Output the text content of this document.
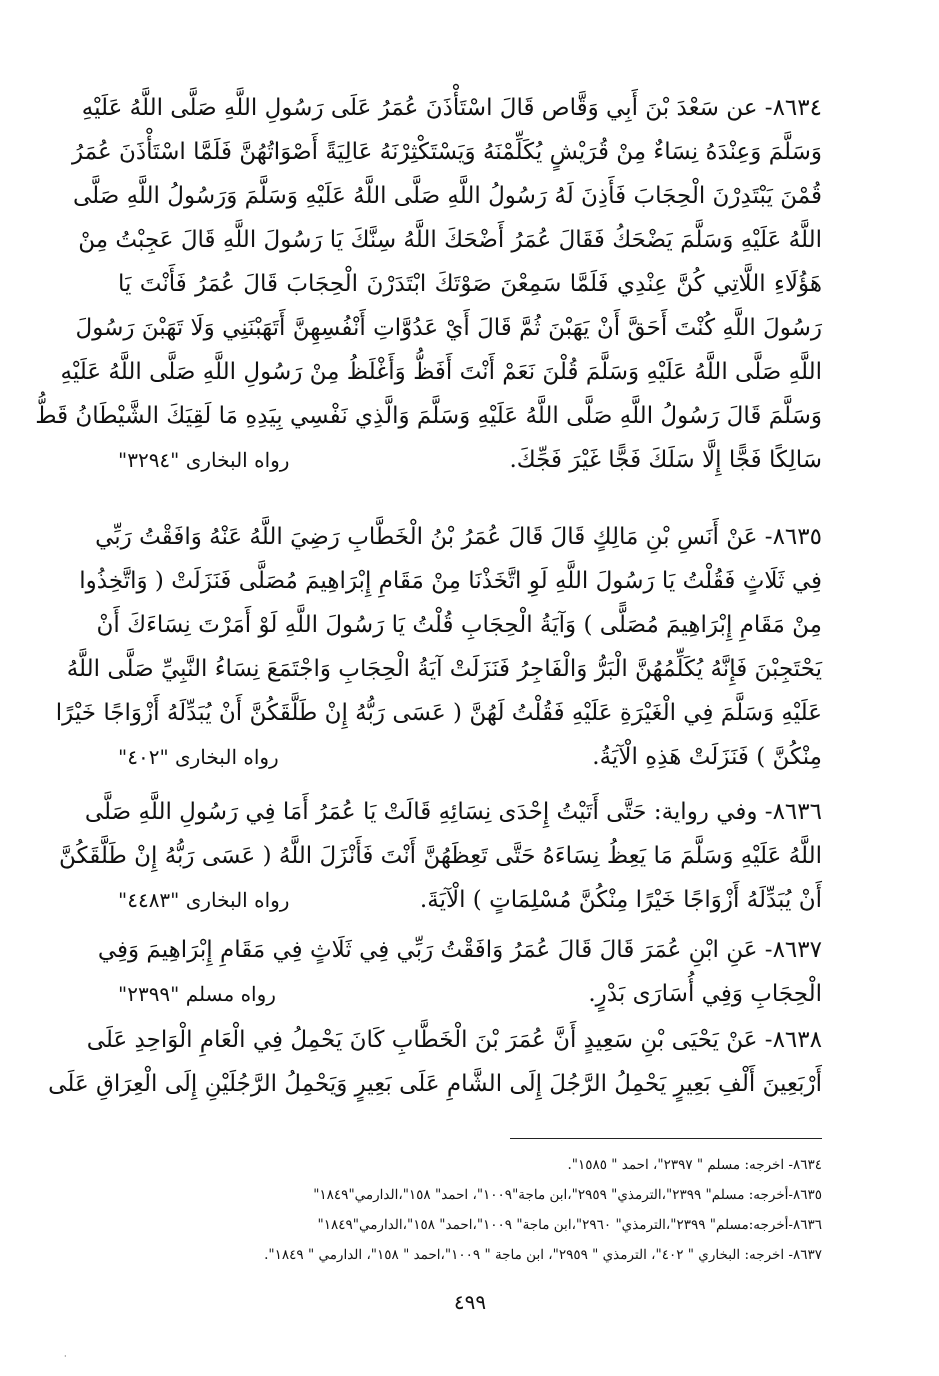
٨٦٣٤- عن سَعْدَ بْنَ أَبِي وَقَّاص قَالَ اسْتَأْذَنَ عُمَرُ عَلَى رَسُولِ اللَّهِ صَلَّى اللَّهُ عَلَيْهِ
وَسَلَّمَ وَعِنْدَهُ نِسَاءٌ مِنْ قُرَيْشٍ يُكَلِّمْنَهُ وَيَسْتَكْثِرْنَهُ عَالِيَةً أَصْوَاتُهُنَّ فَلَمَّا اسْتَأْذَنَ عُمَرُ
قُمْنَ يَبْتَدِرْنَ الْحِجَابَ فَأَذِنَ لَهُ رَسُولُ اللَّهِ صَلَّى اللَّهُ عَلَيْهِ وَسَلَّمَ وَرَسُولُ اللَّهِ صَلَّى
اللَّهُ عَلَيْهِ وَسَلَّمَ يَضْحَكُ فَقَالَ عُمَرُ أَضْحَكَ اللَّهُ سِنَّكَ يَا رَسُولَ اللَّهِ قَالَ عَجِبْتُ مِنْ
هَؤُلَاءِ اللَّاتِي كُنَّ عِنْدِي فَلَمَّا سَمِعْنَ صَوْتَكَ ابْتَدَرْنَ الْحِجَابَ قَالَ عُمَرُ فَأَنْتَ يَا
رَسُولَ اللَّهِ كُنْتَ أَحَقَّ أَنْ يَهَبْنَ ثُمَّ قَالَ أَيْ عَدُوَّاتِ أَنْفُسِهِنَّ أَتَهَبْنَنِي وَلَا تَهَبْنَ رَسُولَ
اللَّهِ صَلَّى اللَّهُ عَلَيْهِ وَسَلَّمَ قُلْنَ نَعَمْ أَنْتَ أَفَظُّ وَأَغْلَظُ مِنْ رَسُولِ اللَّهِ صَلَّى اللَّهُ عَلَيْهِ
وَسَلَّمَ قَالَ رَسُولُ اللَّهِ صَلَّى اللَّهُ عَلَيْهِ وَسَلَّمَ وَالَّذِي نَفْسِي بِيَدِهِ مَا لَقِيَكَ الشَّيْطَانُ قَطُّ
سَالِكًا فَجًّا إِلَّا سَلَكَ فَجًّا غَيْرَ فَجِّكَ.
رواه البخارى "٣٢٩٤"
٨٦٣٥- عَنْ أَنَسِ بْنِ مَالِكٍ قَالَ قَالَ عُمَرُ بْنُ الْخَطَّابِ رَضِيَ اللَّهُ عَنْهُ وَافَقْتُ رَبِّي
فِي ثَلَاثٍ فَقُلْتُ يَا رَسُولَ اللَّهِ لَوِ اتَّخَذْنَا مِنْ مَقَامِ إِبْرَاهِيمَ مُصَلَّى فَنَزَلَتْ ( وَاتَّخِذُوا
مِنْ مَقَامِ إِبْرَاهِيمَ مُصَلًّى ) وَآيَةُ الْحِجَابِ قُلْتُ يَا رَسُولَ اللَّهِ لَوْ أَمَرْتَ نِسَاءَكَ أَنْ
يَحْتَجِبْنَ فَإِنَّهُ يُكَلِّمُهُنَّ الْبَرُّ وَالْفَاجِرُ فَنَزَلَتْ آيَةُ الْحِجَابِ وَاجْتَمَعَ نِسَاءُ النَّبِيِّ صَلَّى اللَّهُ
عَلَيْهِ وَسَلَّمَ فِي الْغَيْرَةِ عَلَيْهِ فَقُلْتُ لَهُنَّ ( عَسَى رَبُّهُ إِنْ طَلَّقَكُنَّ أَنْ يُبَدِّلَهُ أَزْوَاجًا خَيْرًا
مِنْكُنَّ ) فَنَزَلَتْ هَذِهِ الْآيَةُ.
رواه البخارى "٤٠٢"
٨٦٣٦- وفي رواية: حَتَّى أَتَيْتُ إِحْدَى نِسَائِهِ قَالَتْ يَا عُمَرُ أَمَا فِي رَسُولِ اللَّهِ صَلَّى
اللَّهُ عَلَيْهِ وَسَلَّمَ مَا يَعِظُ نِسَاءَهُ حَتَّى تَعِظَهُنَّ أَنْتَ فَأَنْزَلَ اللَّهُ ( عَسَى رَبُّهُ إِنْ طَلَّقَكُنَّ
أَنْ يُبَدِّلَهُ أَزْوَاجًا خَيْرًا مِنْكُنَّ مُسْلِمَاتٍ ) الْآيَةَ.
رواه البخارى "٤٤٨٣"
٨٦٣٧- عَنِ ابْنِ عُمَرَ قَالَ قَالَ عُمَرُ وَافَقْتُ رَبِّي فِي ثَلَاثٍ فِي مَقَامِ إِبْرَاهِيمَ وَفِي
الْحِجَابِ وَفِي أُسَارَى بَدْرٍ.
رواه مسلم "٢٣٩٩"
٨٦٣٨- عَنْ يَحْيَى بْنِ سَعِيدٍ أَنَّ عُمَرَ بْنَ الْخَطَّابِ كَانَ يَحْمِلُ فِي الْعَامِ الْوَاحِدِ عَلَى
أَرْبَعِينَ أَلْفِ بَعِيرٍ يَحْمِلُ الرَّجُلَ إِلَى الشَّامِ عَلَى بَعِيرٍ وَيَحْمِلُ الرَّجُلَيْنِ إِلَى الْعِرَاقِ عَلَى
٨٦٣٤- اخرجه: مسلم " ٢٣٩٧"، احمد " ١٥٨٥".
٨٦٣٥-أخرجه: مسلم" ٢٣٩٩"،الترمذي" ٢٩٥٩"،ابن ماجة"١٠٠٩"، احمد" ١٥٨"،الدارمي"١٨٤٩"
٨٦٣٦-أخرجه:مسلم" ٢٣٩٩"،الترمذي" ٢٩٦٠"،ابن ماجة" ١٠٠٩"،احمد" ١٥٨"،الدارمي"١٨٤٩"
٨٦٣٧- اخرجه: البخاري " ٤٠٢"، الترمذي " ٢٩٥٩"، ابن ماجة " ١٠٠٩"،احمد " ١٥٨"، الدارمي " ١٨٤٩".
٤٩٩
·
